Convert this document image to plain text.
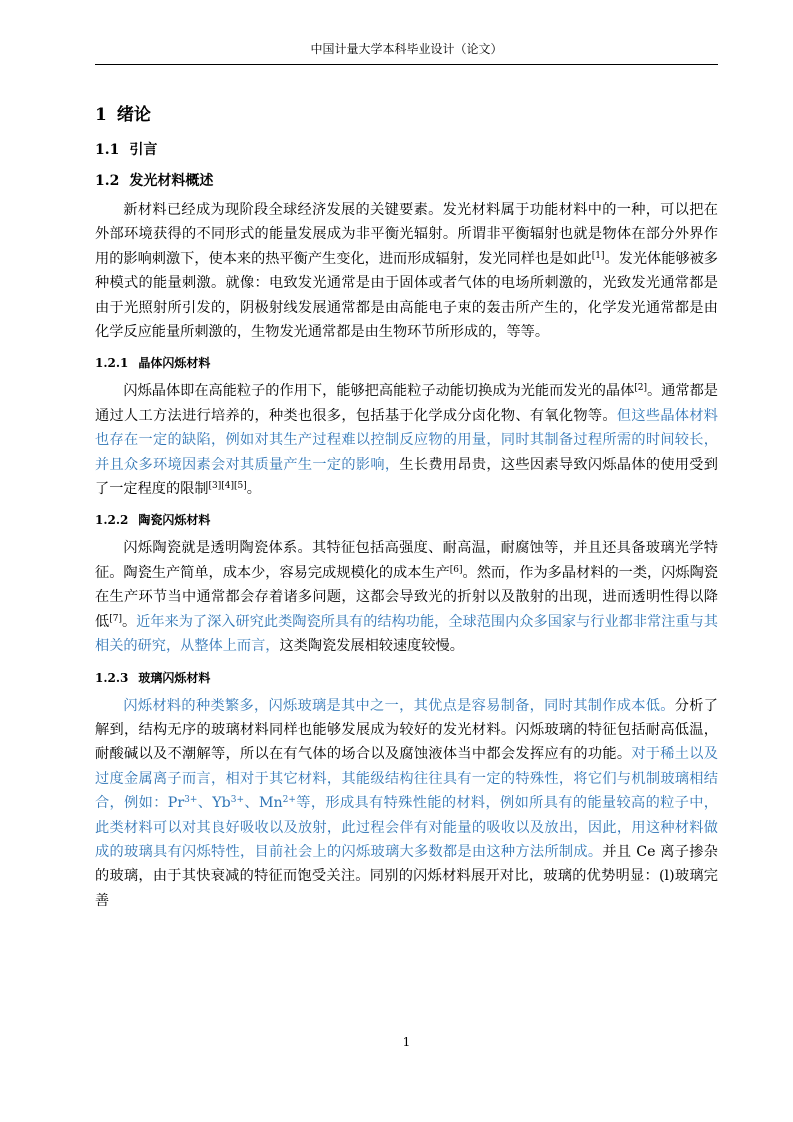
中国计量大学本科毕业设计（论文）
1 绪论
1.1 引言
1.2 发光材料概述

新材料已经成为现阶段全球经济发展的关键要素。发光材料属于功能材料中的一种，可以把在外部环境获得的不同形式的能量发展成为非平衡光辐射。所谓非平衡辐射也就是物体在部分外界作用的影响刺激下，使本来的热平衡产生变化，进而形成辐射，发光同样也是如此[1]。发光体能够被多种模式的能量刺激。就像：电致发光通常是由于固体或者气体的电场所刺激的，光致发光通常都是由于光照射所引发的，阴极射线发展通常都是由高能电子束的轰击所产生的，化学发光通常都是由化学反应能量所刺激的，生物发光通常都是由生物环节所形成的，等等。

1.2.1 晶体闪烁材料

闪烁晶体即在高能粒子的作用下，能够把高能粒子动能切换成为光能而发光的晶体[2]。通常都是通过人工方法进行培养的，种类也很多，包括基于化学成分卤化物、有氧化物等。但这些晶体材料也存在一定的缺陷，例如对其生产过程难以控制反应物的用量，同时其制备过程所需的时间较长，并且众多环境因素会对其质量产生一定的影响，生长费用昂贵，这些因素导致闪烁晶体的使用受到了一定程度的限制[3][4][5]。

1.2.2 陶瓷闪烁材料

闪烁陶瓷就是透明陶瓷体系。其特征包括高强度、耐高温，耐腐蚀等，并且还具备玻璃光学特征。陶瓷生产简单，成本少，容易完成规模化的成本生产[6]。然而，作为多晶材料的一类，闪烁陶瓷在生产环节当中通常都会存着诸多问题，这都会导致光的折射以及散射的出现，进而透明性得以降低[7]。近年来为了深入研究此类陶瓷所具有的结构功能，全球范围内众多国家与行业都非常注重与其相关的研究，从整体上而言，这类陶瓷发展相较速度较慢。

1.2.3 玻璃闪烁材料

闪烁材料的种类繁多，闪烁玻璃是其中之一，其优点是容易制备，同时其制作成本低。分析了解到，结构无序的玻璃材料同样也能够发展成为较好的发光材料。闪烁玻璃的特征包括耐高低温，耐酸碱以及不潮解等，所以在有气体的场合以及腐蚀液体当中都会发挥应有的功能。对于稀土以及过度金属离子而言，相对于其它材料，其能级结构往往具有一定的特殊性，将它们与机制玻璃相结合，例如：$Pr^{3+}$、$Yb^{3+}$、$Mn^{2+}$等，形成具有特殊性能的材料，例如所具有的能量较高的粒子中，此类材料可以对其良好吸收以及放射，此过程会伴有对能量的吸收以及放出，因此，用这种材料做成的玻璃具有闪烁特性，目前社会上的闪烁玻璃大多数都是由这种方法所制成。并且 Ce 离子掺杂的玻璃，由于其快衰减的特征而饱受关注。同别的闪烁材料展开对比，玻璃的优势明显：(l)玻璃完善

1
